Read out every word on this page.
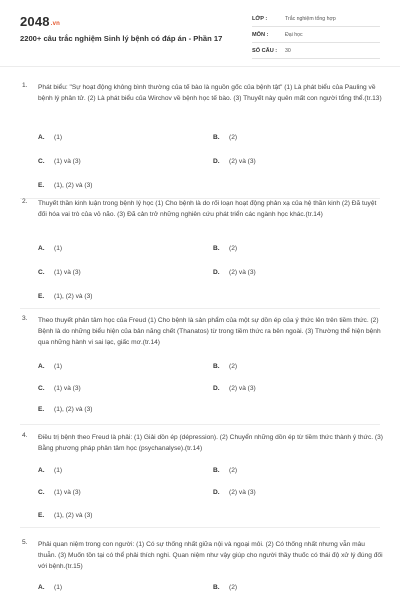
2048.vn
2200+ câu trắc nghiệm Sinh lý bệnh có đáp án - Phần 17
LỚP :	Trắc nghiệm tổng hợp
MÔN :	Đại học
SỐ CÂU : 30
1. Phát biểu: "Sự hoạt động không bình thường của tế bào là nguồn gốc của bệnh tật" (1) Là phát biểu của Pauling về bệnh lý phân tử. (2) Là phát biểu của Wirchov về bệnh học tế bào. (3) Thuyết này quên mất con người tổng thể.(tr.13)
A. (1)	B. (2)
C. (1) và (3)	D. (2) và (3)
E. (1), (2) và (3)
2. Thuyết thần kinh luận trong bệnh lý học (1) Cho bệnh là do rối loạn hoạt động phản xạ của hệ thần kinh (2) Đã tuyệt đối hóa vai trò của vỏ não. (3) Đã cản trở những nghiên cứu phát triển các ngành học khác.(tr.14)
A. (1)	B. (2)
C. (1) và (3)	D. (2) và (3)
E. (1), (2) và (3)
3. Theo thuyết phân tâm học của Freud (1) Cho bệnh là sản phẩm của một sự dồn ép của ý thức lên trên tiềm thức. (2) Bệnh là do những biểu hiện của bản năng chết (Thanatos) từ trong tiềm thức ra bên ngoài. (3) Thường thể hiện bệnh qua những hành vi sai lạc, giấc mơ.(tr.14)
A. (1)	B. (2)
C. (1) và (3)	D. (2) và (3)
E. (1), (2) và (3)
4. Điều trị bệnh theo Freud là phải: (1) Giải dồn ép (dépression). (2) Chuyển những dồn ép từ tiềm thức thành ý thức. (3) Bằng phương pháp phân tâm học (psychanalyse).(tr.14)
A. (1)	B. (2)
C. (1) và (3)	D. (2) và (3)
E. (1), (2) và (3)
5. Phải quan niệm trong con người: (1) Có sự thống nhất giữa nội và ngoại môi. (2) Có thống nhất nhưng vẫn mâu thuẫn. (3) Muốn tồn tại có thể phải thích nghi. Quan niệm như vậy giúp cho người thầy thuốc có thái độ xử lý đúng đối với bệnh.(tr.15)
A. (1)	B. (2)
